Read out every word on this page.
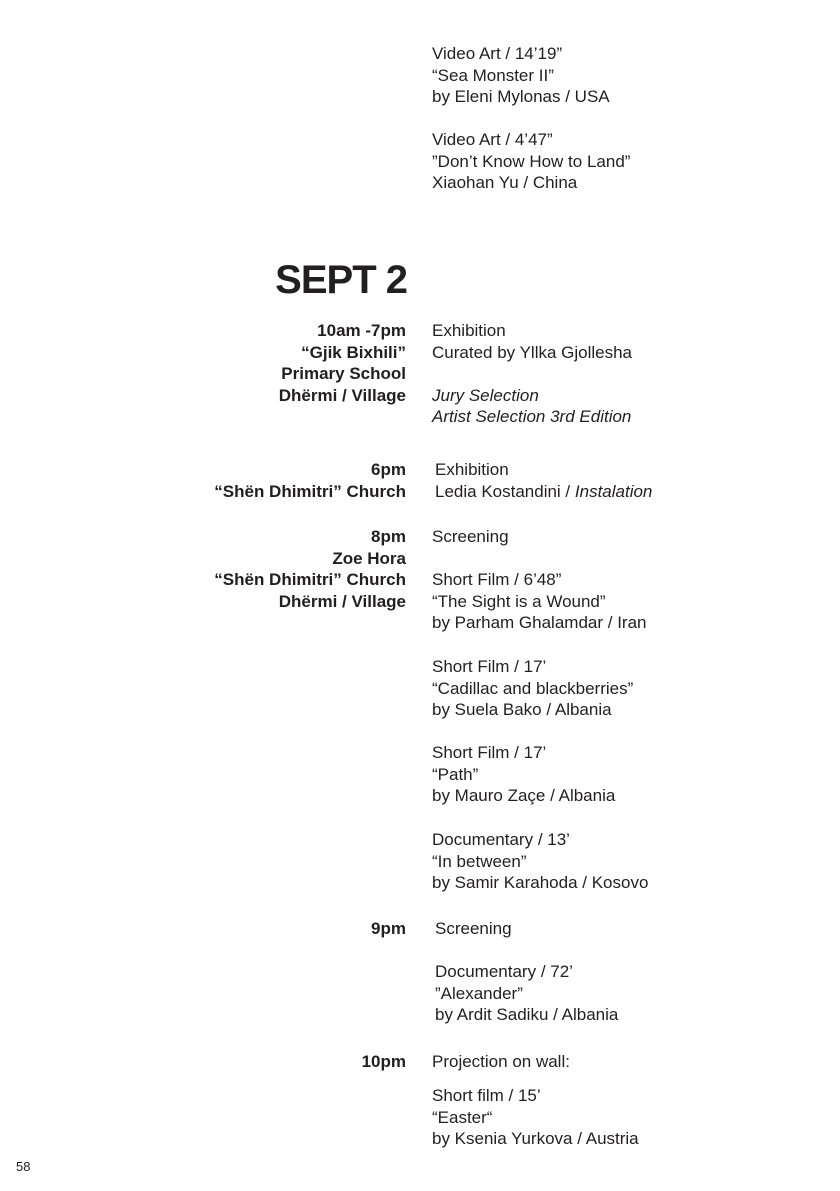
Video Art / 14’19”
“Sea Monster II”
by Eleni Mylonas / USA
Video Art / 4’47”
”Don’t Know How to Land”
Xiaohan Yu / China
SEPT 2
10am -7pm
“Gjik Bixhili”
Primary School
Dhërmi / Village
Exhibition
Curated by Yllka Gjollesha
Jury Selection
Artist Selection 3rd Edition
6pm
“Shën Dhimitri” Church
Exhibition
Ledia Kostandini / Instalation
8pm
Zoe Hora
“Shën Dhimitri” Church
Dhërmi / Village
Screening
Short Film / 6’48”
“The Sight is a Wound”
by Parham Ghalamdar / Iran
Short Film / 17’
“Cadillac and blackberries”
by Suela Bako / Albania
Short Film / 17’
“Path”
by Mauro Zaçe / Albania
Documentary / 13’
“In between”
by Samir Karahoda / Kosovo
9pm Screening
Documentary / 72’
”Alexander”
by Ardit Sadiku / Albania
10pm Projection on wall:
Short film / 15’
“Easter“
by Ksenia Yurkova / Austria
58
